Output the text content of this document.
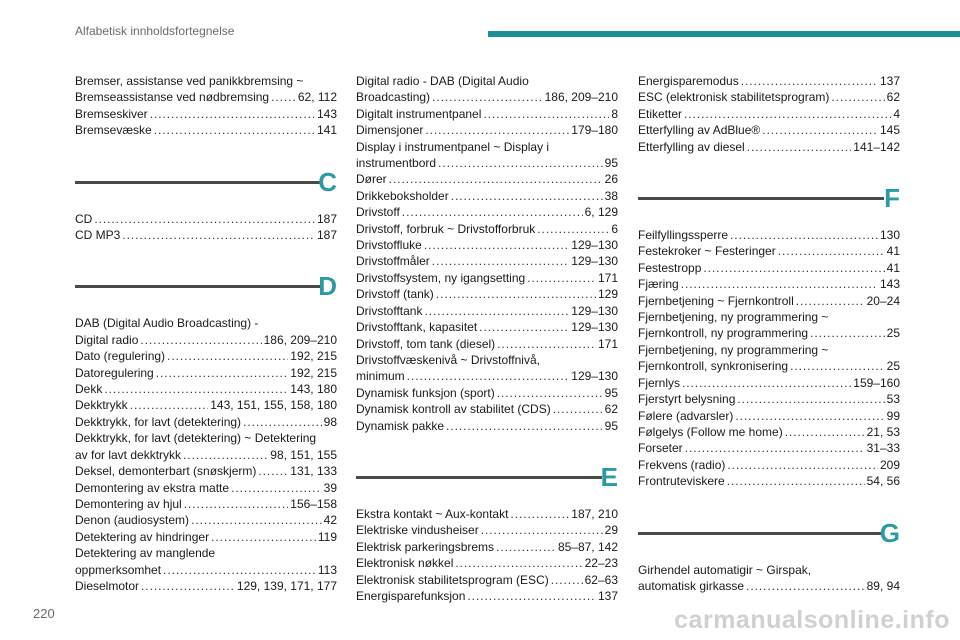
Alfabetisk innholdsfortegnelse
Bremser, assistanse ved panikkbremsing ~
Bremseassistanse ved nødbremsing . . . 62, 112
Bremseskiver . . .	143
Bremsevæske . . .	141
C
CD . . .	187
CD MP3 . . .	187
D
DAB (Digital Audio Broadcasting) -
Digital radio . . .	186, 209–210
Dato (regulering) . . .	192, 215
Datoregulering . . .	192, 215
Dekk . . .	143, 180
Dekktrykk . . .	143, 151, 155, 158, 180
Dekktrykk, for lavt (detektering) . . .	98
Dekktrykk, for lavt (detektering) ~ Detektering
av for lavt dekktrykk . . .	98, 151, 155
Deksel, demonterbart (snøskjerm) . . .	131, 133
Demontering av ekstra matte . . .	39
Demontering av hjul . . .	156–158
Denon (audiosystem) . . .	42
Detektering av hindringer . . .	119
Detektering av manglende
oppmerksomhet . . .	113
Dieselmotor . . .	129, 139, 171, 177
Digital radio - DAB (Digital Audio
Broadcasting) . . .	186, 209–210
Digitalt instrumentpanel . . .	8
Dimensjoner . . .	179–180
Display i instrumentpanel ~ Display i
instrumentbord . . .	95
Dører . . .	26
Drikkeboksholder . . .	38
Drivstoff . . .	6, 129
Drivstoff, forbruk ~ Drivstofforbruk . . .	6
Drivstoffluke . . .	129–130
Drivstoffmåler . . .	129–130
Drivstoffsystem, ny igangsetting . . .	171
Drivstoff (tank) . . .	129
Drivstofftank . . .	129–130
Drivstofftank, kapasitet . . .	129–130
Drivstoff, tom tank (diesel) . . .	171
Drivstoffvæskenivå ~ Drivstoffnivå,
minimum . . .	129–130
Dynamisk funksjon (sport) . . .	95
Dynamisk kontroll av stabilitet (CDS) . . .	62
Dynamisk pakke . . .	95
E
Ekstra kontakt ~ Aux-kontakt . . .	187, 210
Elektriske vindusheiser . . .	29
Elektrisk parkeringsbrems . . .	85–87, 142
Elektronisk nøkkel . . .	22–23
Elektronisk stabilitetsprogram (ESC) . . .	62–63
Energisparefunksjon . . .	137
Energisparemodus . . .	137
ESC (elektronisk stabilitetsprogram) . . .	62
Etiketter . . .	4
Etterfylling av AdBlue® . . .	145
Etterfylling av diesel . . .	141–142
F
Feilfyllingssperre . . .	130
Festekroker ~ Festeringer . . .	41
Festestropp . . .	41
Fjæring . . .	143
Fjernbetjening ~ Fjernkontroll . . .	20–24
Fjernbetjening, ny programmering ~
Fjernkontroll, ny programmering . . .	25
Fjernbetjening, ny programmering ~
Fjernkontroll, synkronisering . . .	25
Fjernlys . . .	159–160
Fjerstyrt belysning . . .	53
Følere (advarsler) . . .	99
Følgelys (Follow me home) . . .	21, 53
Forseter . . .	31–33
Frekvens (radio) . . .	209
Frontruteviskere . . .	54, 56
G
Girhendel automatigir ~ Girspak,
automatisk girkasse . . .	89, 94
220	carmanualsonline.info
